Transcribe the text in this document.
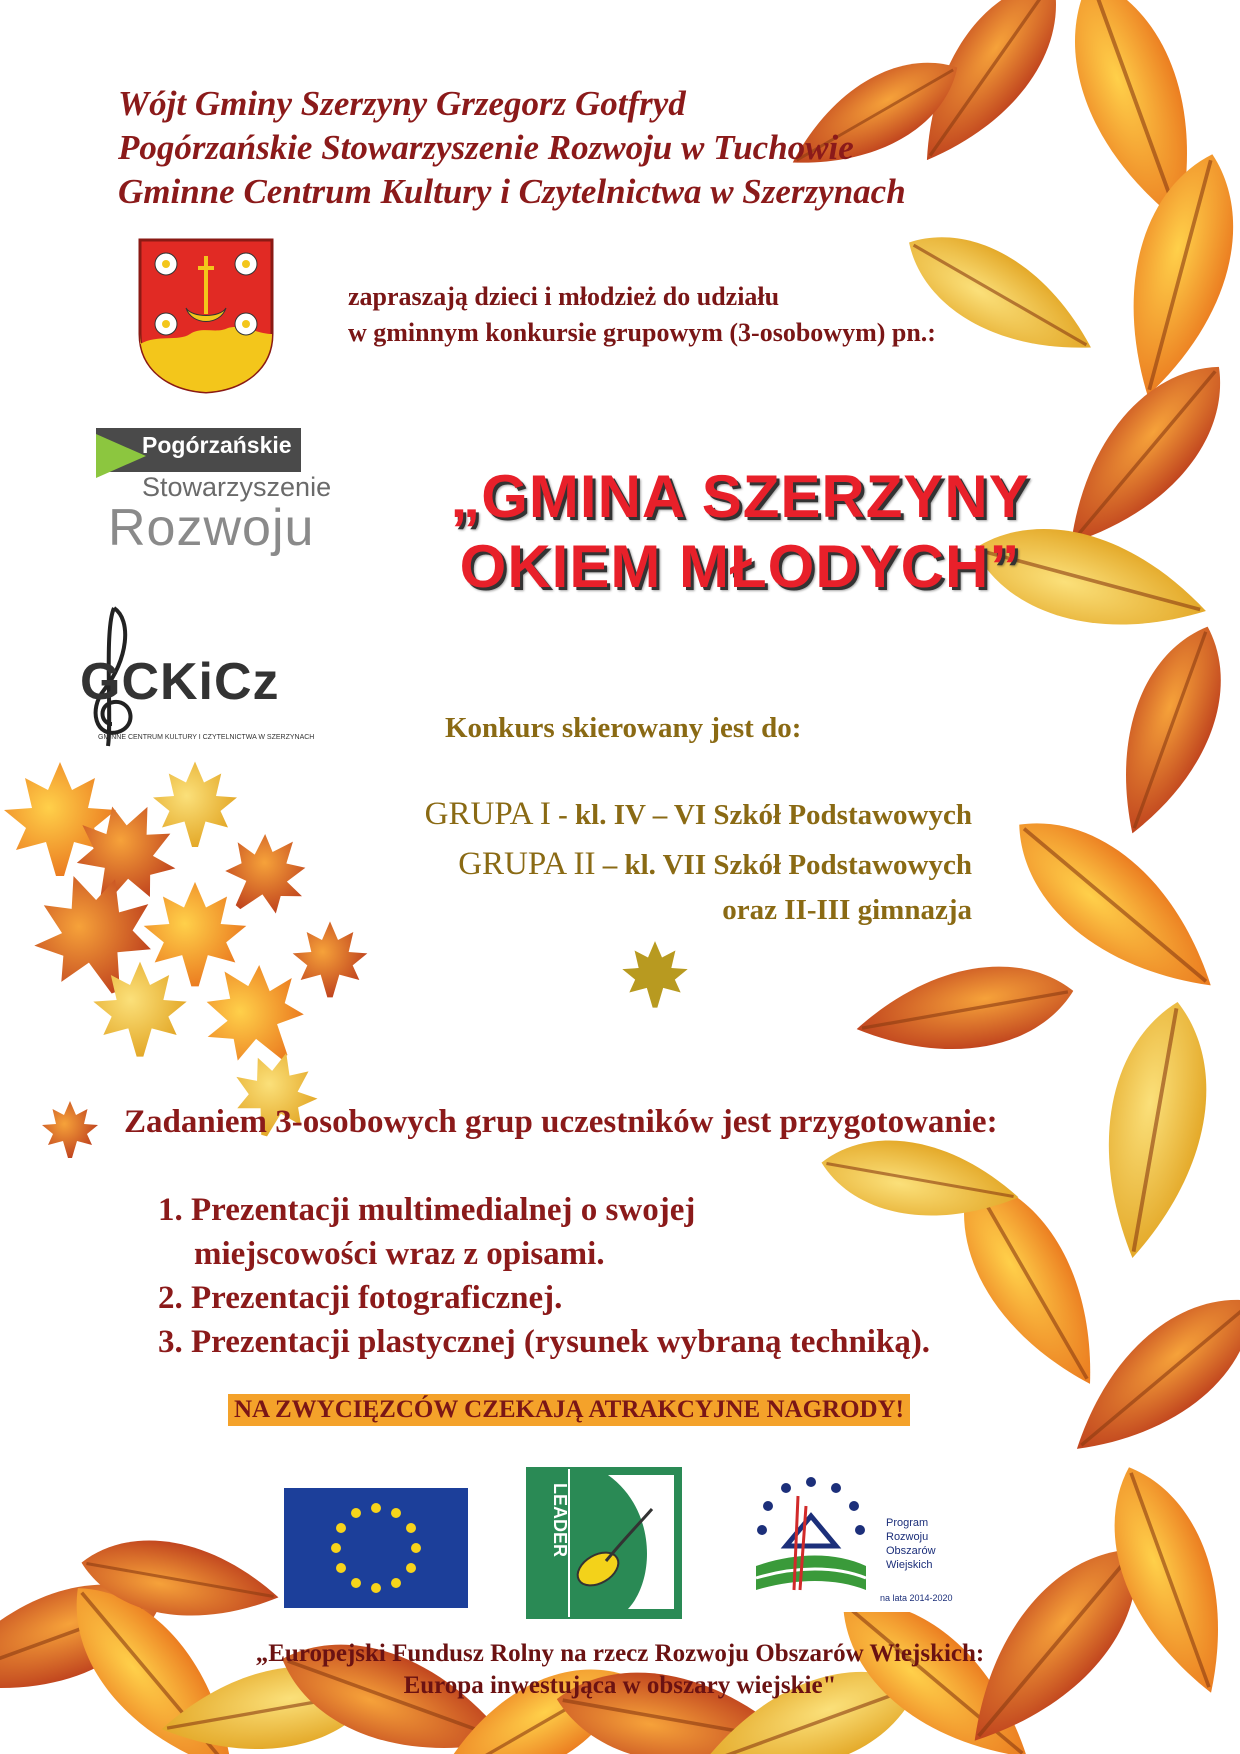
Wójt Gminy Szerzyny Grzegorz Gotfryd
Pogórzańskie Stowarzyszenie Rozwoju w Tuchowie
Gminne Centrum Kultury i Czytelnictwa w Szerzynach
zapraszają dzieci i młodzież do udziału
w gminnym konkursie grupowym (3-osobowym) pn.:
Pogórzańskie
Stowarzyszenie
Rozwoju	„GMINA SZERZYNY
OKIEM MŁODYCH”
GCKiCz
GMINNE CENTRUM KULTURY I CZYTELNICTWA W SZERZYNACH	Konkurs skierowany jest do:
GRUPA I - kl. IV – VI Szkół Podstawowych
GRUPA II – kl. VII Szkół Podstawowych
oraz II-III gimnazja
Zadaniem 3-osobowych grup uczestników jest przygotowanie:
1. Prezentacji multimedialnej o swojej
miejscowości wraz z opisami.
2. Prezentacji fotograficznej.
3. Prezentacji plastycznej (rysunek wybraną techniką).
NA ZWYCIĘZCÓW CZEKAJĄ ATRAKCYJNE NAGRODY!
LEADER	Program
Rozwoju
Obszarów
Wiejskich
na lata 2014-2020
„Europejski Fundusz Rolny na rzecz Rozwoju Obszarów Wiejskich:
Europa inwestująca w obszary wiejskie"
